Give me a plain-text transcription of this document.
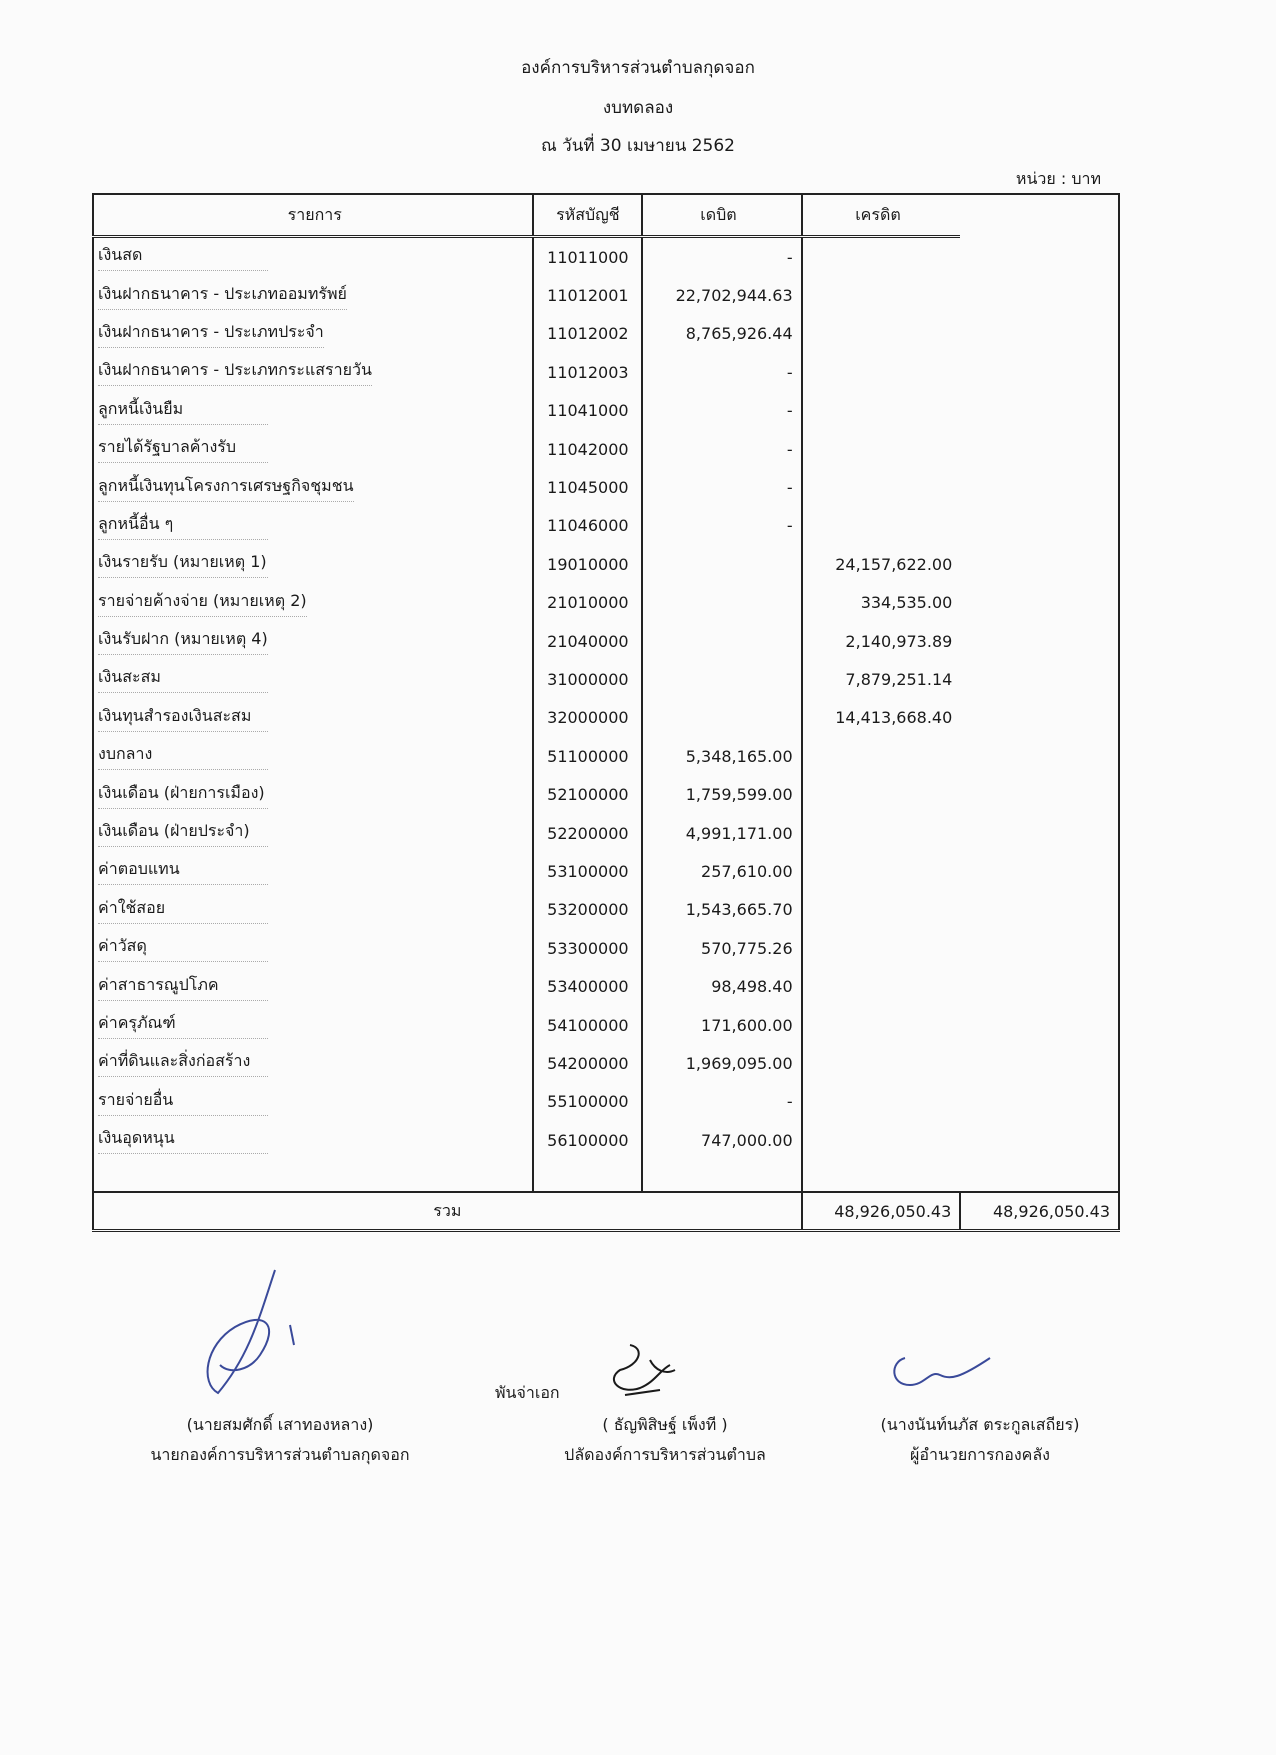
องค์การบริหารส่วนตำบลกุดจอก
งบทดลอง
ณ วันที่ 30 เมษายน 2562
หน่วย : บาท
รายการ	รหัสบัญชี	เดบิต	เครดิต	
เงินสด	11011000	-		
เงินฝากธนาคาร - ประเภทออมทรัพย์	11012001	22,702,944.63		
เงินฝากธนาคาร - ประเภทประจำ	11012002	8,765,926.44		
เงินฝากธนาคาร - ประเภทกระแสรายวัน	11012003	-		
ลูกหนี้เงินยืม	11041000	-		
รายได้รัฐบาลค้างรับ	11042000	-		
ลูกหนี้เงินทุนโครงการเศรษฐกิจชุมชน	11045000	-		
ลูกหนี้อื่น ๆ	11046000	-		
เงินรายรับ (หมายเหตุ 1)	19010000		24,157,622.00	
รายจ่ายค้างจ่าย (หมายเหตุ 2)	21010000		334,535.00	
เงินรับฝาก (หมายเหตุ 4)	21040000		2,140,973.89	
เงินสะสม	31000000		7,879,251.14	
เงินทุนสำรองเงินสะสม	32000000		14,413,668.40	
งบกลาง	51100000	5,348,165.00		
เงินเดือน (ฝ่ายการเมือง)	52100000	1,759,599.00		
เงินเดือน (ฝ่ายประจำ)	52200000	4,991,171.00		
ค่าตอบแทน	53100000	257,610.00		
ค่าใช้สอย	53200000	1,543,665.70		
ค่าวัสดุ	53300000	570,775.26		
ค่าสาธารณูปโภค	53400000	98,498.40		
ค่าครุภัณฑ์	54100000	171,600.00		
ค่าที่ดินและสิ่งก่อสร้าง	54200000	1,969,095.00		
รายจ่ายอื่น	55100000	-		
เงินอุดหนุน	56100000	747,000.00		

รวม			48,926,050.43	48,926,050.43
พันจ่าเอก
(นายสมศักดิ์ เสาทองหลาง)
นายกองค์การบริหารส่วนตำบลกุดจอก
( ธัญพิสิษฐ์ เพ็งที )
ปลัดองค์การบริหารส่วนตำบล
(นางนันท์นภัส ตระกูลเสถียร)
ผู้อำนวยการกองคลัง
